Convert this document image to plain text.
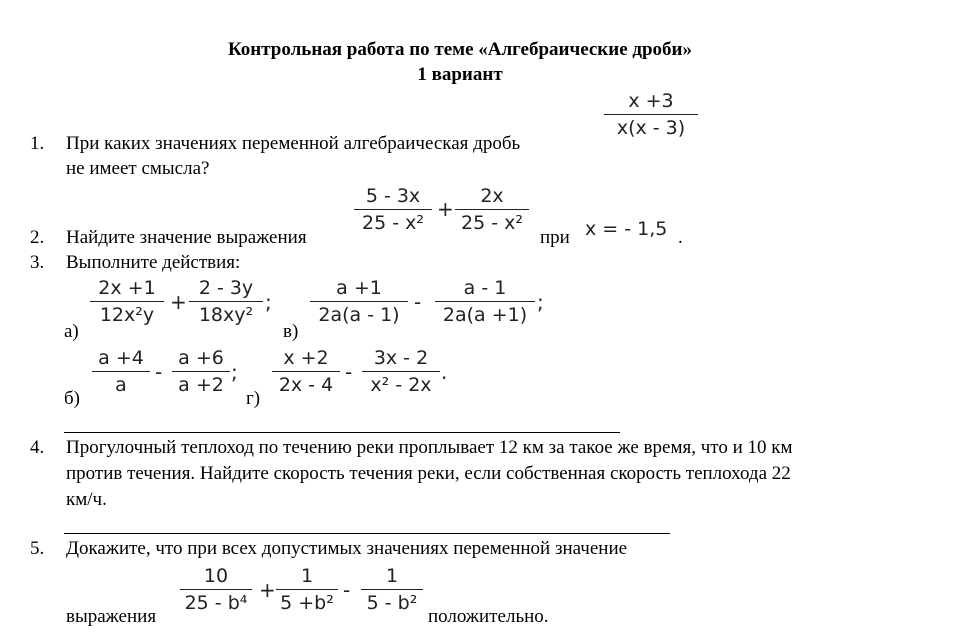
Контрольная работа по теме «Алгебраические дроби»
1 вариант
1. При каких значениях переменной алгебраическая дробь
не имеет смысла?
x +3
x(x - 3)
2. Найдите значение выражения
5 - 3x
25 - x²
+
2x
25 - x²
при x = - 1,5 .
3. Выполните действия:
а)
2x +1
12x²y
+
2 - 3y
18xy²
;
в)
a +1
2a(a - 1)
-
a - 1
2a(a +1)
;
б)
a +4
a
-
a +6
a +2
;
г)
x +2
2x - 4
-
3x - 2
x² - 2x
.
4. Прогулочный теплоход по течению реки проплывает 12 км за такое же время, что и 10 км
против течения. Найдите скорость течения реки, если собственная скорость теплохода 22
км/ч.
5. Докажите, что при всех допустимых значениях переменной значение
выражения
10
25 - b⁴
+
1
5 +b²
-
1
5 - b²
положительно.
